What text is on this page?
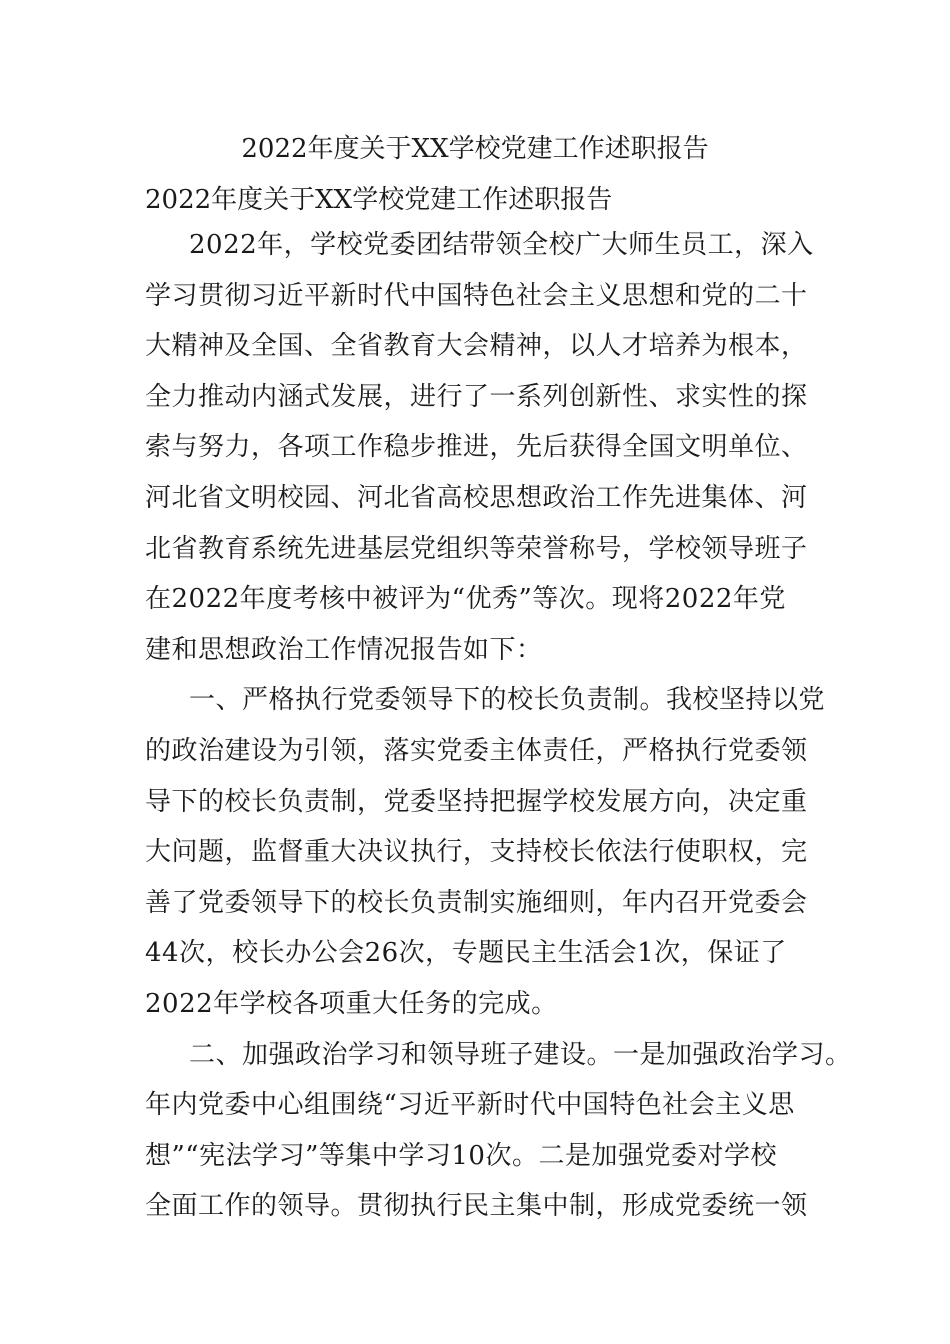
2022年度关于XX学校党建工作述职报告

2022年度关于XX学校党建工作述职报告

2022年，学校党委团结带领全校广大师生员工，深入
学习贯彻习近平新时代中国特色社会主义思想和党的二十
大精神及全国、全省教育大会精神，以人才培养为根本，
全力推动内涵式发展，进行了一系列创新性、求实性的探
索与努力，各项工作稳步推进，先后获得全国文明单位、
河北省文明校园、河北省高校思想政治工作先进集体、河
北省教育系统先进基层党组织等荣誉称号，学校领导班子
在2022年度考核中被评为“优秀”等次。现将2022年党
建和思想政治工作情况报告如下：
一、严格执行党委领导下的校长负责制。我校坚持以党
的政治建设为引领，落实党委主体责任，严格执行党委领
导下的校长负责制，党委坚持把握学校发展方向，决定重
大问题，监督重大决议执行，支持校长依法行使职权，完
善了党委领导下的校长负责制实施细则，年内召开党委会
44次，校长办公会26次，专题民主生活会1次，保证了
2022年学校各项重大任务的完成。
二、加强政治学习和领导班子建设。一是加强政治学习。
年内党委中心组围绕“习近平新时代中国特色社会主义思
想”“宪法学习”等集中学习10次。二是加强党委对学校
全面工作的领导。贯彻执行民主集中制，形成党委统一领
